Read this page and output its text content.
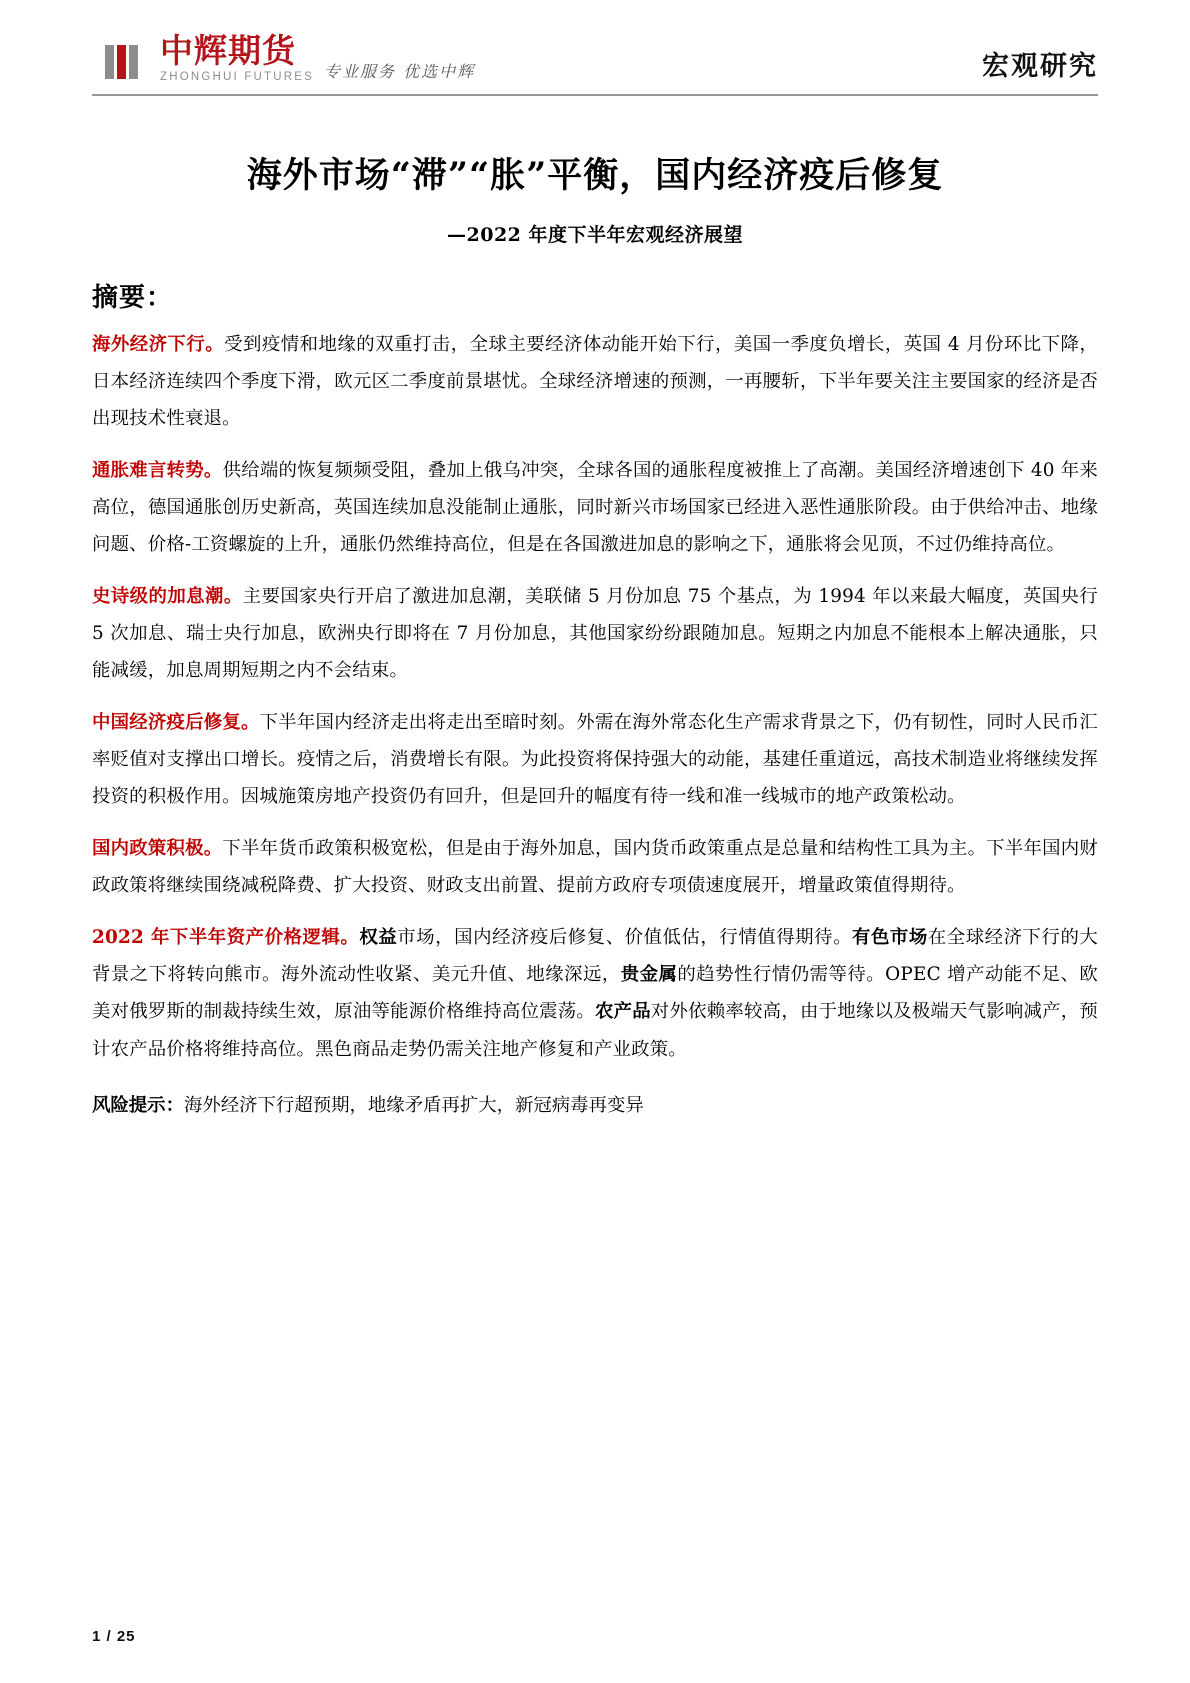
中辉期货
ZHONGHUI FUTURES 专业服务 优选中辉	宏观研究
海外市场“滞”“胀”平衡，国内经济疫后修复
—2022 年度下半年宏观经济展望
摘要：

海外经济下行。受到疫情和地缘的双重打击，全球主要经济体动能开始下行，美国一季度负增长，英国 4 月份环比下降，日本经济连续四个季度下滑，欧元区二季度前景堪忧。全球经济增速的预测，一再腰斩，下半年要关注主要国家的经济是否出现技术性衰退。

通胀难言转势。供给端的恢复频频受阻，叠加上俄乌冲突，全球各国的通胀程度被推上了高潮。美国经济增速创下 40 年来高位，德国通胀创历史新高，英国连续加息没能制止通胀，同时新兴市场国家已经进入恶性通胀阶段。由于供给冲击、地缘问题、价格-工资螺旋的上升，通胀仍然维持高位，但是在各国激进加息的影响之下，通胀将会见顶，不过仍维持高位。

史诗级的加息潮。主要国家央行开启了激进加息潮，美联储 5 月份加息 75 个基点，为 1994 年以来最大幅度，英国央行 5 次加息、瑞士央行加息，欧洲央行即将在 7 月份加息，其他国家纷纷跟随加息。短期之内加息不能根本上解决通胀，只能减缓，加息周期短期之内不会结束。

中国经济疫后修复。下半年国内经济走出将走出至暗时刻。外需在海外常态化生产需求背景之下，仍有韧性，同时人民币汇率贬值对支撑出口增长。疫情之后，消费增长有限。为此投资将保持强大的动能，基建任重道远，高技术制造业将继续发挥投资的积极作用。因城施策房地产投资仍有回升，但是回升的幅度有待一线和准一线城市的地产政策松动。

国内政策积极。下半年货币政策积极宽松，但是由于海外加息，国内货币政策重点是总量和结构性工具为主。下半年国内财政政策将继续围绕减税降费、扩大投资、财政支出前置、提前方政府专项债速度展开，增量政策值得期待。

2022 年下半年资产价格逻辑。权益市场，国内经济疫后修复、价值低估，行情值得期待。有色市场在全球经济下行的大背景之下将转向熊市。海外流动性收紧、美元升值、地缘深远，贵金属的趋势性行情仍需等待。OPEC 增产动能不足、欧美对俄罗斯的制裁持续生效，原油等能源价格维持高位震荡。农产品对外依赖率较高，由于地缘以及极端天气影响减产，预计农产品价格将维持高位。黑色商品走势仍需关注地产修复和产业政策。

风险提示：海外经济下行超预期，地缘矛盾再扩大，新冠病毒再变异
1 / 25
